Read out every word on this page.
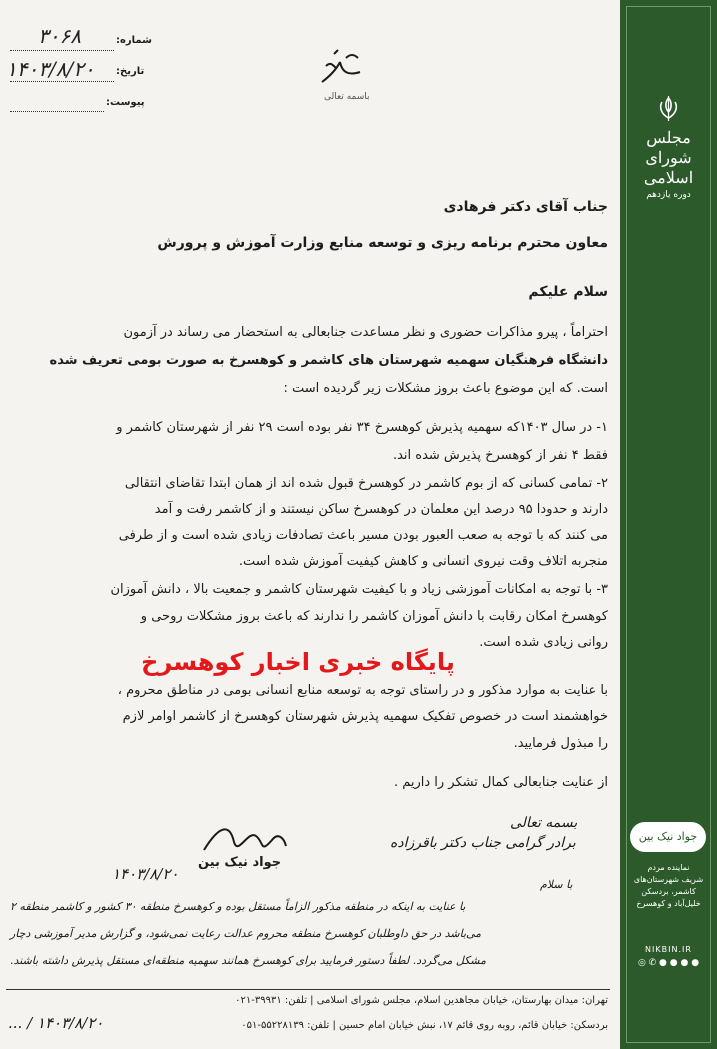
مجلس شورای
اسلامی
دوره یازدهم
جواد نیک بین
نماینده مردم
شریف شهرستان‌های
کاشمر، بردسکن
خلیل‌آباد و کوهسرخ
NIKBIN.IR
◎ ✆ ● ● ● ●
شماره:
۳۰۶۸
تاریخ:
۱۴۰۳/۸/۲۰
پیوست:	باسمه تعالی
جناب آقای دکتر فرهادی
معاون محترم برنامه ریزی و توسعه منابع وزارت آموزش و پرورش
سلام علیکم
احتراماً ، پیرو مذاکرات حضوری و نظر مساعدت جنابعالی به استحضار می رساند در آزمون
دانشگاه فرهنگیان سهمیه شهرستان های کاشمر و کوهسرخ به صورت بومی تعریف شده
است. که این موضوع باعث بروز مشکلات زیر گردیده است :
۱- در سال ۱۴۰۳که سهمیه پذیرش کوهسرخ ۳۴ نفر بوده است ۲۹ نفر از شهرستان کاشمر و
فقط ۴ نفر از کوهسرخ پذیرش شده اند.
۲- تمامی کسانی که از بوم کاشمر در کوهسرخ قبول شده اند از همان ابتدا تقاضای انتقالی
دارند و حدودا ۹۵ درصد این معلمان در کوهسرخ ساکن نیستند و از کاشمر رفت و آمد
می کنند که با توجه به صعب العبور بودن مسیر باعث تصادفات زیادی شده است و از طرفی
منجربه اتلاف وقت نیروی انسانی و کاهش کیفیت آموزش شده است.
۳- با توجه به امکانات آموزشی زیاد و با کیفیت شهرستان کاشمر و جمعیت بالا ، دانش آموزان
کوهسرخ امکان رقابت با دانش آموزان کاشمر را ندارند که باعث بروز مشکلات روحی و
روانی زیادی شده است.
با عنایت به موارد مذکور و در راستای توجه به توسعه منابع انسانی بومی در مناطق محروم ،
خواهشمند است در خصوص تفکیک سهمیه پذیرش شهرستان کوهسرخ از کاشمر اوامر لازم
را مبذول فرمایید.
از عنایت جنابعالی کمال تشکر را داریم .
پایگاه خبری اخبار کوهسرخ
جواد نیک بین
۱۴۰۳/۸/۲۰
بسمه تعالی
برادر گرامی جناب دکتر باقرزاده
با سلام
با عنایت به اینکه در منطقه مذکور الزاماً مستقل بوده و کوهسرخ منطقه ۳۰ کشور و کاشمر منطقه ۲
می‌باشد در حق داوطلبان کوهسرخ منطقه محروم عدالت رعایت نمی‌شود، و گزارش مدیر آموزشی دچار
مشکل می‌گردد. لطفاً دستور فرمایید برای کوهسرخ همانند سهمیه منطقه‌ای مستقل پذیرش داشته باشند.
۱۴۰۳/۸/۲۰ / ...
تهران: میدان بهارستان، خیابان مجاهدین اسلام، مجلس شورای اسلامی | تلفن: ۳۹۹۳۱-۰۲۱
بردسکن: خیابان قائم، روبه روی قائم ۱۷، نبش خیابان امام حسین | تلفن: ۵۵۲۲۸۱۳۹-۰۵۱
